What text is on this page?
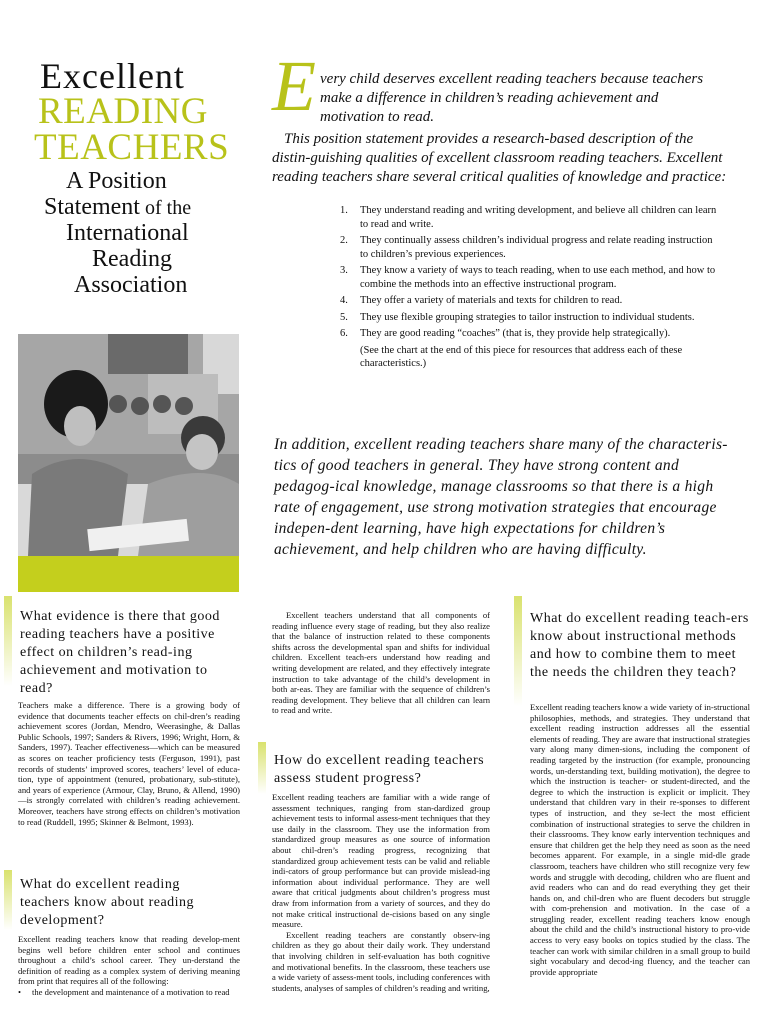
Excellent
READING
TEACHERS
A Position
Statement of the
International
Reading
Association
E very child deserves excellent reading teachers because teachers make a difference in children’s reading achievement and motivation to read.
This position statement provides a research-based description of the distin-guishing qualities of excellent classroom reading teachers. Excellent reading teachers share several critical qualities of knowledge and practice:
1.	They understand reading and writing development, and believe all children can learn to read and write.
2.	They continually assess children’s individual progress and relate reading instruction to children’s previous experiences.
3.	They know a variety of ways to teach reading, when to use each method, and how to combine the methods into an effective instructional program.
4.	They offer a variety of materials and texts for children to read.
5.	They use flexible grouping strategies to tailor instruction to individual students.
6.	They are good reading “coaches” (that is, they provide help strategically).
(See the chart at the end of this piece for resources that address each of these characteristics.)
In addition, excellent reading teachers share many of the characteris-tics of good teachers in general. They have strong content and pedagog-ical knowledge, manage classrooms so that there is a high rate of engagement, use strong motivation strategies that encourage indepen-dent learning, have high expectations for children’s achievement, and help children who are having difficulty.
What evidence is there that good reading teachers have a positive effect on children’s read-ing achievement and motivation to read?
Teachers make a difference. There is a growing body of evidence that documents teacher effects on chil-dren’s reading achievement scores (Jordan, Mendro, Weerasinghe, & Dallas Public Schools, 1997; Sanders & Rivers, 1996; Wright, Horn, & Sanders, 1997). Teacher effectiveness—which can be measured as scores on teacher proficiency tests (Ferguson, 1991), past records of students’ improved scores, teachers’ level of educa-tion, type of appointment (tenured, probationary, sub-stitute), and years of experience (Armour, Clay, Bruno, & Allend, 1990)—is strongly correlated with children’s reading achievement. Moreover, teachers have strong effects on children’s motivation to read (Ruddell, 1995; Skinner & Belmont, 1993).
What do excellent reading teachers know about reading development?

Excellent reading teachers know that reading develop-ment begins well before children enter school and continues throughout a child’s school career. They un-derstand the definition of reading as a complex system of deriving meaning from print that requires all of the following:

•	the development and maintenance of a motivation to read

Excellent teachers understand that all components of reading influence every stage of reading, but they also realize that the balance of instruction related to these components shifts across the developmental span and shifts for individual children. Excellent teach-ers understand how reading and writing development are related, and they effectively integrate instruction to take advantage of the child’s development in both ar-eas. They are familiar with the sequence of children’s reading development. They believe that all children can learn to read and write.

How do excellent reading teachers assess student progress?

Excellent reading teachers are familiar with a wide range of assessment techniques, ranging from stan-dardized group achievement tests to informal assess-ment techniques that they use daily in the classroom. They use the information from standardized group measures as one source of information about chil-dren’s reading progress, recognizing that standardized group achievement tests can be valid and reliable indi-cators of group performance but can provide mislead-ing information about individual performance. They are well aware that critical judgments about children’s progress must draw from information from a variety of sources, and they do not make critical instructional de-cisions based on any single measure.

Excellent reading teachers are constantly observ-ing children as they go about their daily work. They understand that involving children in self-evaluation has both cognitive and motivational benefits. In the classroom, these teachers use a wide variety of assess-ment tools, including conferences with students, analyses of samples of children’s reading and writing,

What do excellent reading teach-ers know about instructional methods and how to combine them to meet the needs the children they teach?
Excellent reading teachers know a wide variety of in-structional philosophies, methods, and strategies. They understand that excellent reading instruction addresses all the essential elements of reading. They are aware that instructional strategies vary along many dimen-sions, including the component of reading targeted by the instruction (for example, pronouncing words, un-derstanding text, building motivation), the degree to which the instruction is teacher- or student-directed, and the degree to which the instruction is explicit or implicit. They understand that children vary in their re-sponses to different types of instruction, and they se-lect the most efficient combination of instructional strategies to serve the children in their classrooms. They know early intervention techniques and ensure that children get the help they need as soon as the need becomes apparent. For example, in a single mid-dle grade classroom, teachers have children who still recognize very few words and struggle with decoding, children who are fluent and avid readers who can and do read everything they get their hands on, and chil-dren who are fluent decoders but struggle with com-prehension and motivation. In the case of a struggling reader, excellent reading teachers know enough about the child and the child’s instructional history to pro-vide access to very easy books on topics studied by the class. The teacher can work with similar children in a small group to build sight vocabulary and decod-ing fluency, and the teacher can provide appropriate
